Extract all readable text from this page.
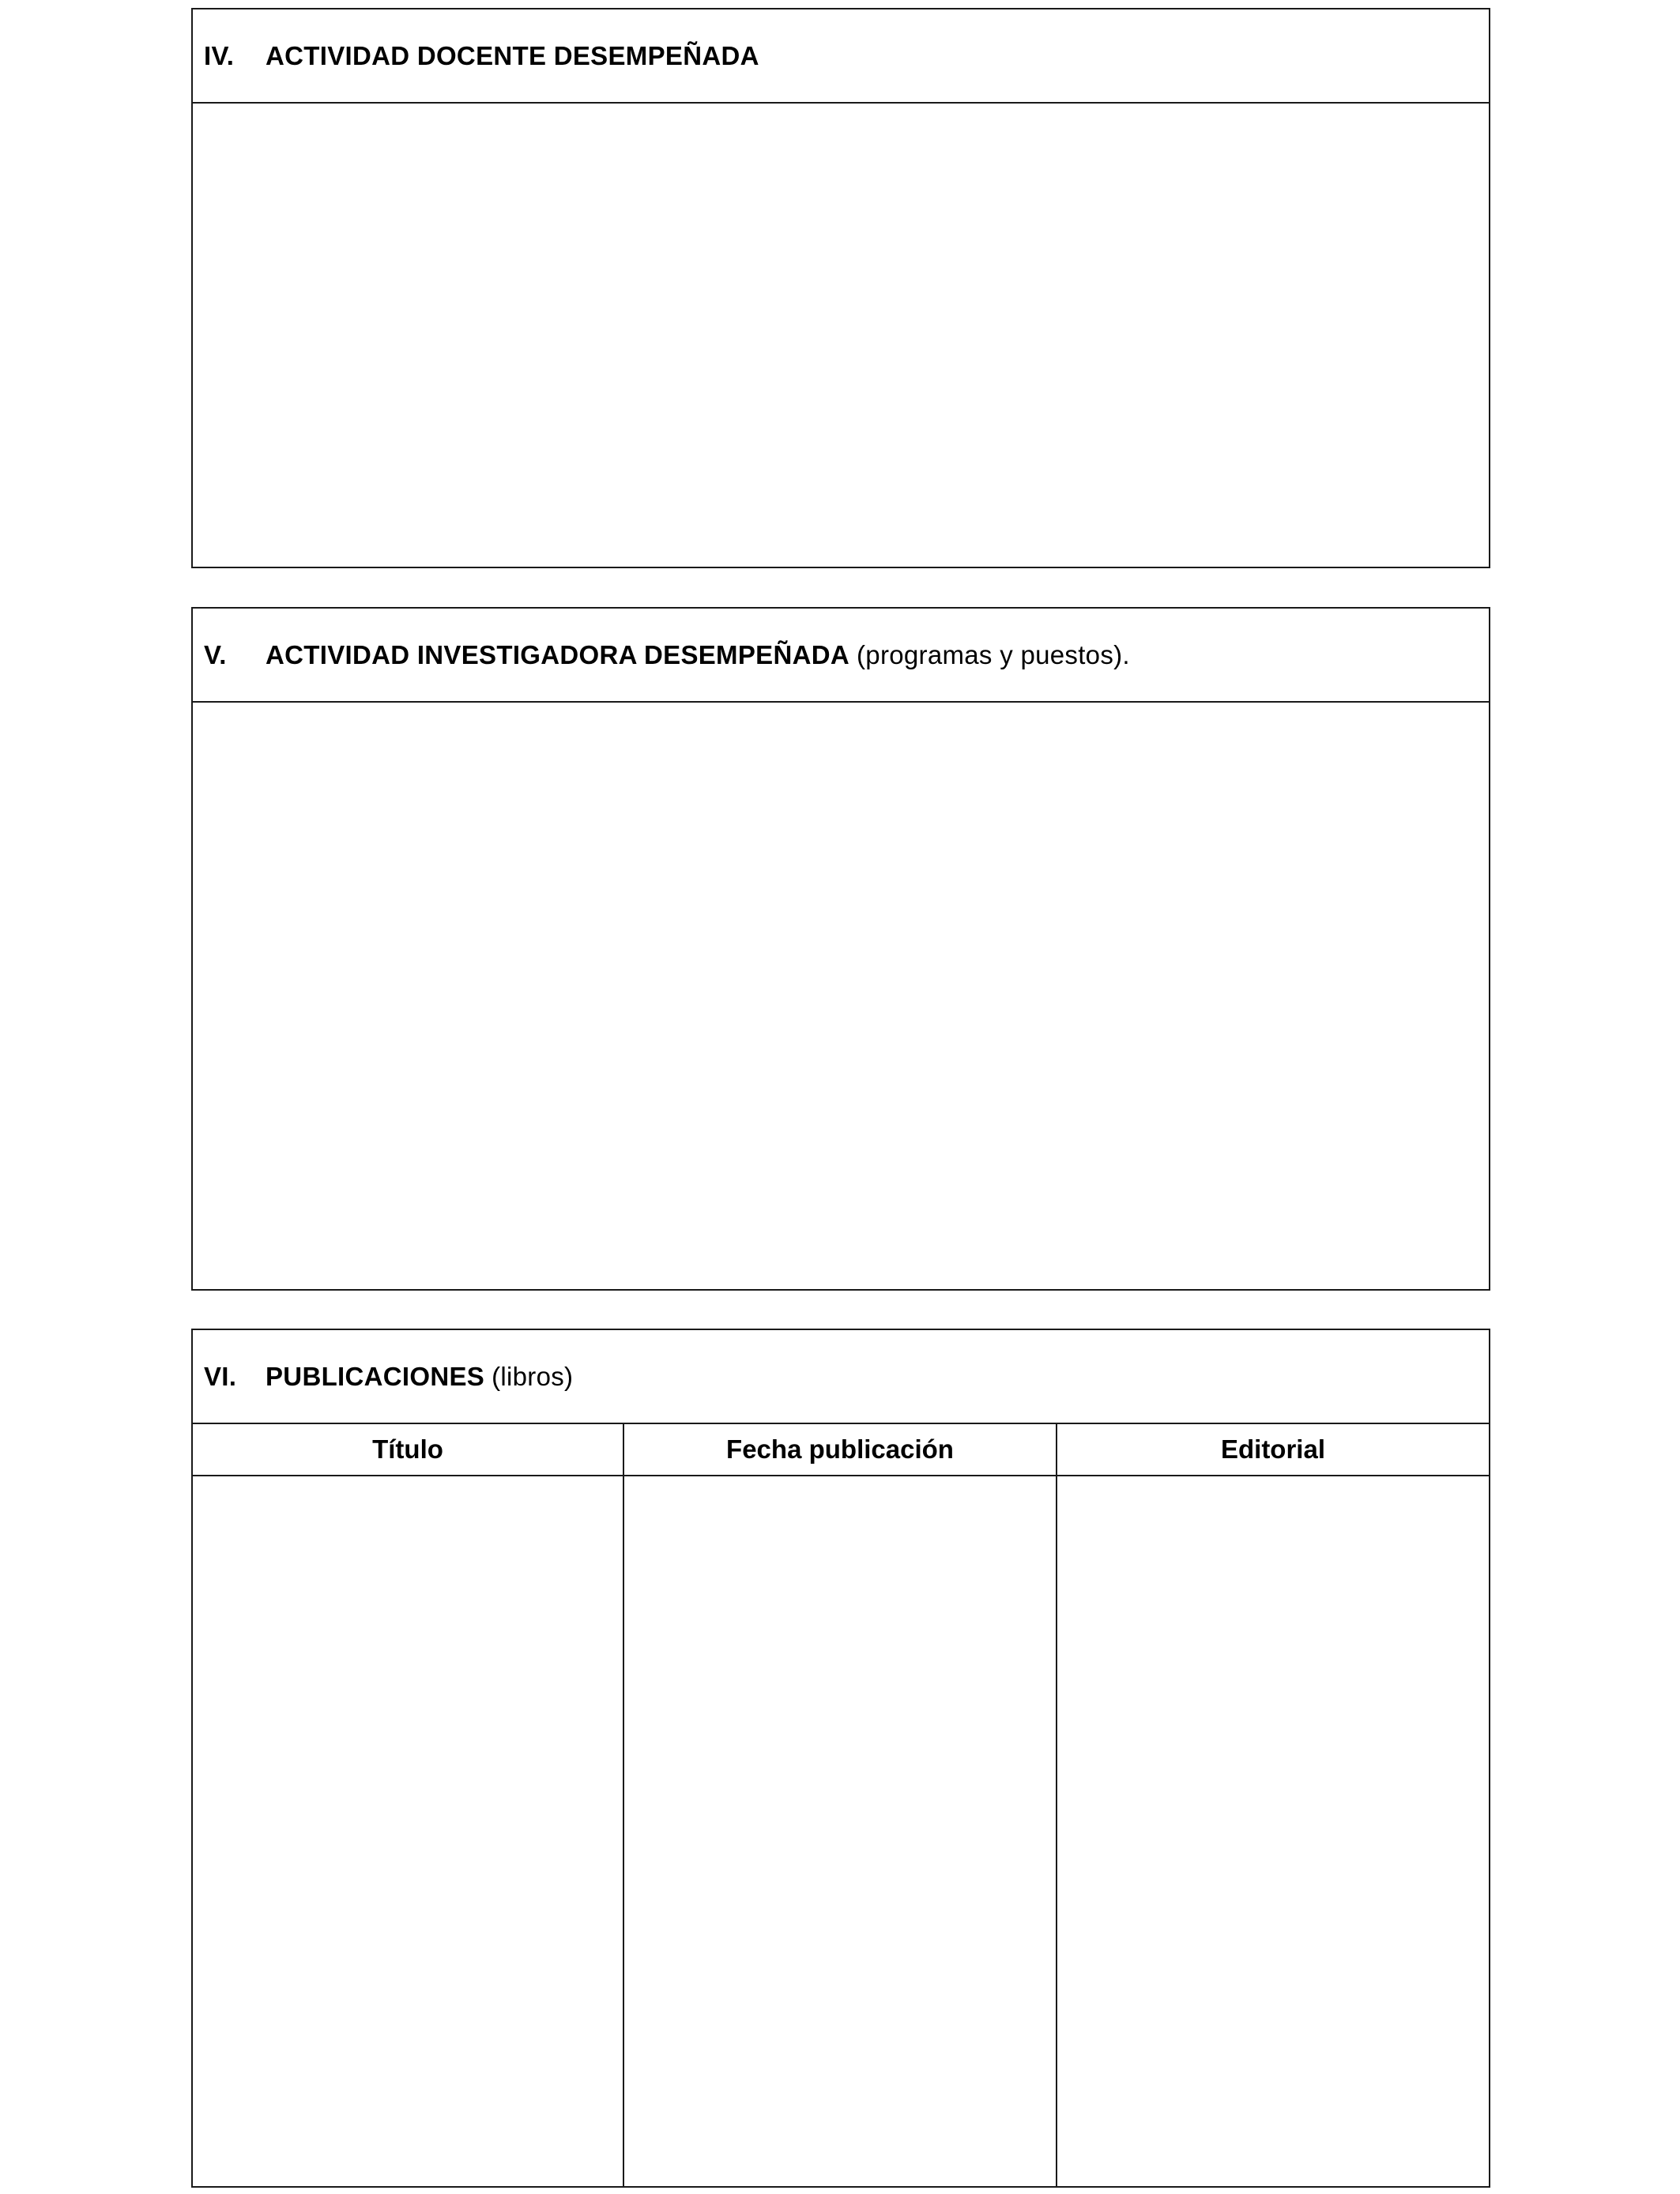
IV.	ACTIVIDAD DOCENTE DESEMPEÑADA
V.	ACTIVIDAD INVESTIGADORA DESEMPEÑADA (programas y puestos).
VI.	PUBLICACIONES (libros)
Título	Fecha publicación	Editorial
